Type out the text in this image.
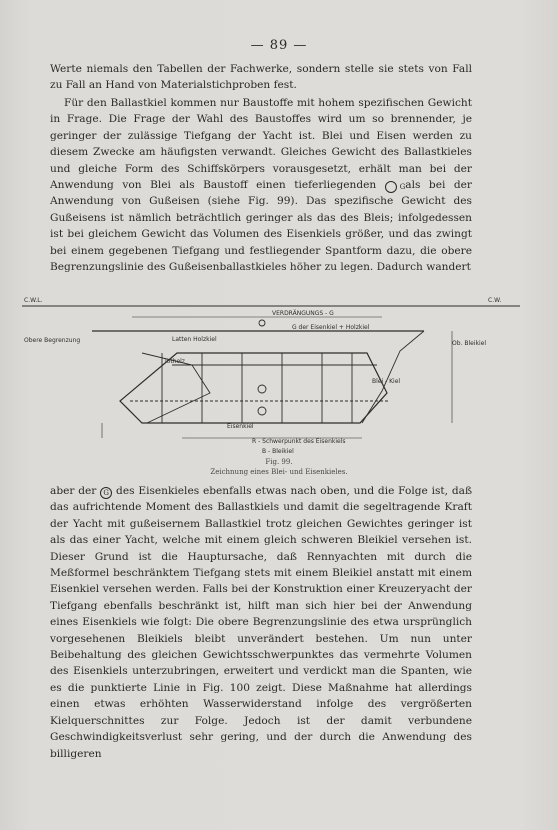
— 89 —

Werte niemals den Tabellen der Fachwerke, sondern stelle sie stets von Fall zu Fall an Hand von Materialstichproben fest.

Für den Ballastkiel kommen nur Baustoffe mit hohem spezifischen Gewicht in Frage. Die Frage der Wahl des Baustoffes wird um so brennender, je geringer der zulässige Tiefgang der Yacht ist. Blei und Eisen werden zu diesem Zwecke am häufigsten verwandt. Gleiches Gewicht des Ballastkieles und gleiche Form des Schiffskörpers vorausgesetzt, erhält man bei der Anwendung von Blei als Baustoff einen tieferliegenden	G als bei der Anwendung von Gußeisen (siehe Fig. 99). Das spezifische Gewicht des Gußeisens ist nämlich beträchtlich geringer als das des Bleis; infolgedessen ist bei gleichem Gewicht das Volumen des Eisenkiels größer, und das zwingt bei einem gegebenen Tiefgang und festliegender Spantform dazu, die obere Begrenzungslinie des Gußeisenballastkieles höher zu legen. Dadurch wandert

C.W.L.	C.W.
VERDRÄNGUNGS - G
G der Eisenkiel + Holzkiel
Latten Holzkiel
Totholz
Blei - Kiel
R - Schwerpunkt des Eisenkiels
B - Bleikiel
Eisenkiel
Obere Begrenzung	Ob. Bleikiel
Fig. 99.
Zeichnung eines Blei- und Eisenkieles.

aber der G des Eisenkieles ebenfalls etwas nach oben, und die Folge ist, daß das aufrichtende Moment des Ballastkiels und damit die segeltragende Kraft der Yacht mit gußeisernem Ballastkiel trotz gleichen Gewichtes geringer ist als das einer Yacht, welche mit einem gleich schweren Bleikiel versehen ist. Dieser Grund ist die Hauptursache, daß Rennyachten mit durch die Meßformel beschränktem Tiefgang stets mit einem Bleikiel anstatt mit einem Eisenkiel versehen werden. Falls bei der Konstruktion einer Kreuzeryacht der Tiefgang ebenfalls beschränkt ist, hilft man sich hier bei der Anwendung eines Eisenkiels wie folgt: Die obere Begrenzungslinie des etwa ursprünglich vorgesehenen Bleikiels bleibt unverändert bestehen. Um nun unter Beibehaltung des gleichen Gewichtsschwerpunktes das vermehrte Volumen des Eisenkiels unterzubringen, erweitert und verdickt man die Spanten, wie es die punktierte Linie in Fig. 100 zeigt. Diese Maßnahme hat allerdings einen etwas erhöhten Wasserwiderstand infolge des vergrößerten Kielquerschnittes zur Folge. Jedoch ist der damit verbundene Geschwindigkeitsverlust sehr gering, und der durch die Anwendung des billigeren
